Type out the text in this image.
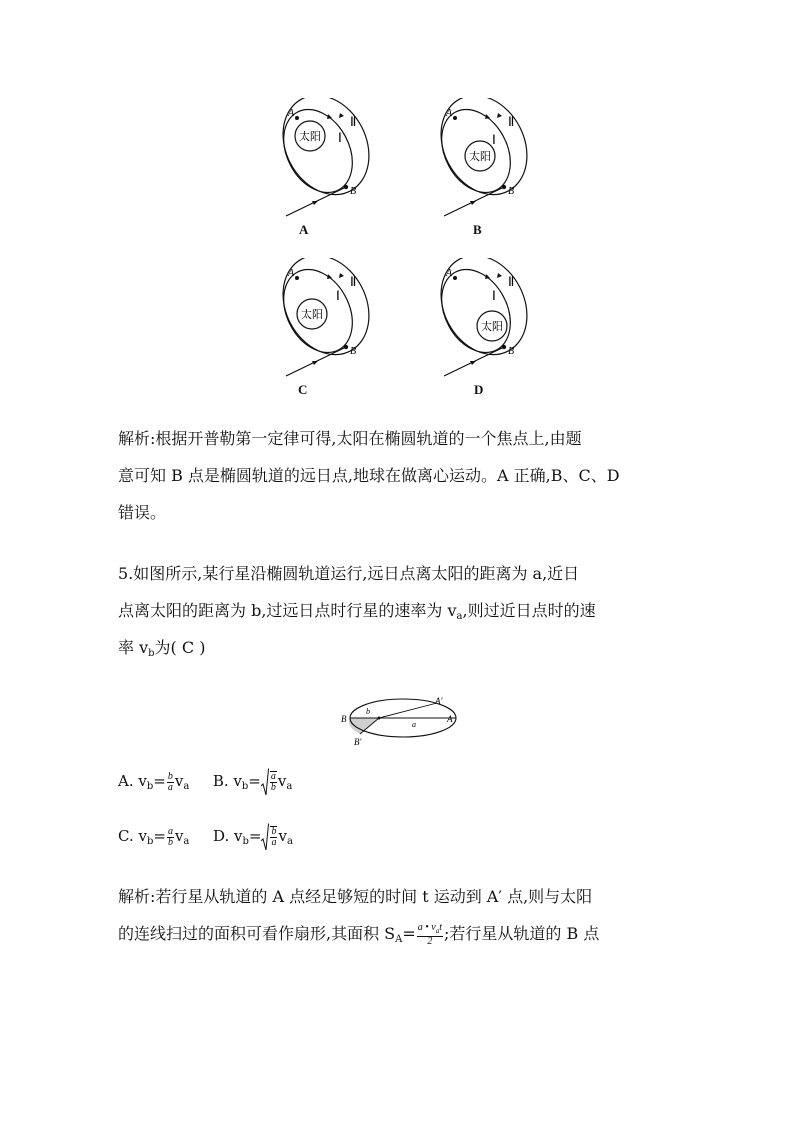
太阳
A
B
Ⅰ
Ⅱ
A
太阳
A
B
Ⅰ
Ⅱ
B
太阳
A
B
Ⅰ
Ⅱ
C
太阳
A
B
Ⅰ
Ⅱ
D
解析:根据开普勒第一定律可得,太阳在椭圆轨道的一个焦点上,由题
意可知 B 点是椭圆轨道的远日点,地球在做离心运动。A 正确,B、C、D
错误。
5.如图所示,某行星沿椭圆轨道运行,远日点离太阳的距离为 a,近日
点离太阳的距离为 b,过远日点时行星的速率为 $v_a$,则过近日点时的速
率 $v_b$为( C )
B
B′
A
A′
a
b
A. $v_b= \frac{b}{a} v_a$ B. $v_b= \frac{a}{b} v_a$
C. $v_b= \frac{a}{b} v_a$ D. $v_b= \frac{b}{a} v_a$
解析:若行星从轨道的 A 点经足够短的时间 t 运动到 A′ 点,则与太阳
的连线扫过的面积可看作扇形,其面积 $S_A= \frac{a • v_at}{2}$ ;若行星从轨道的 B 点
